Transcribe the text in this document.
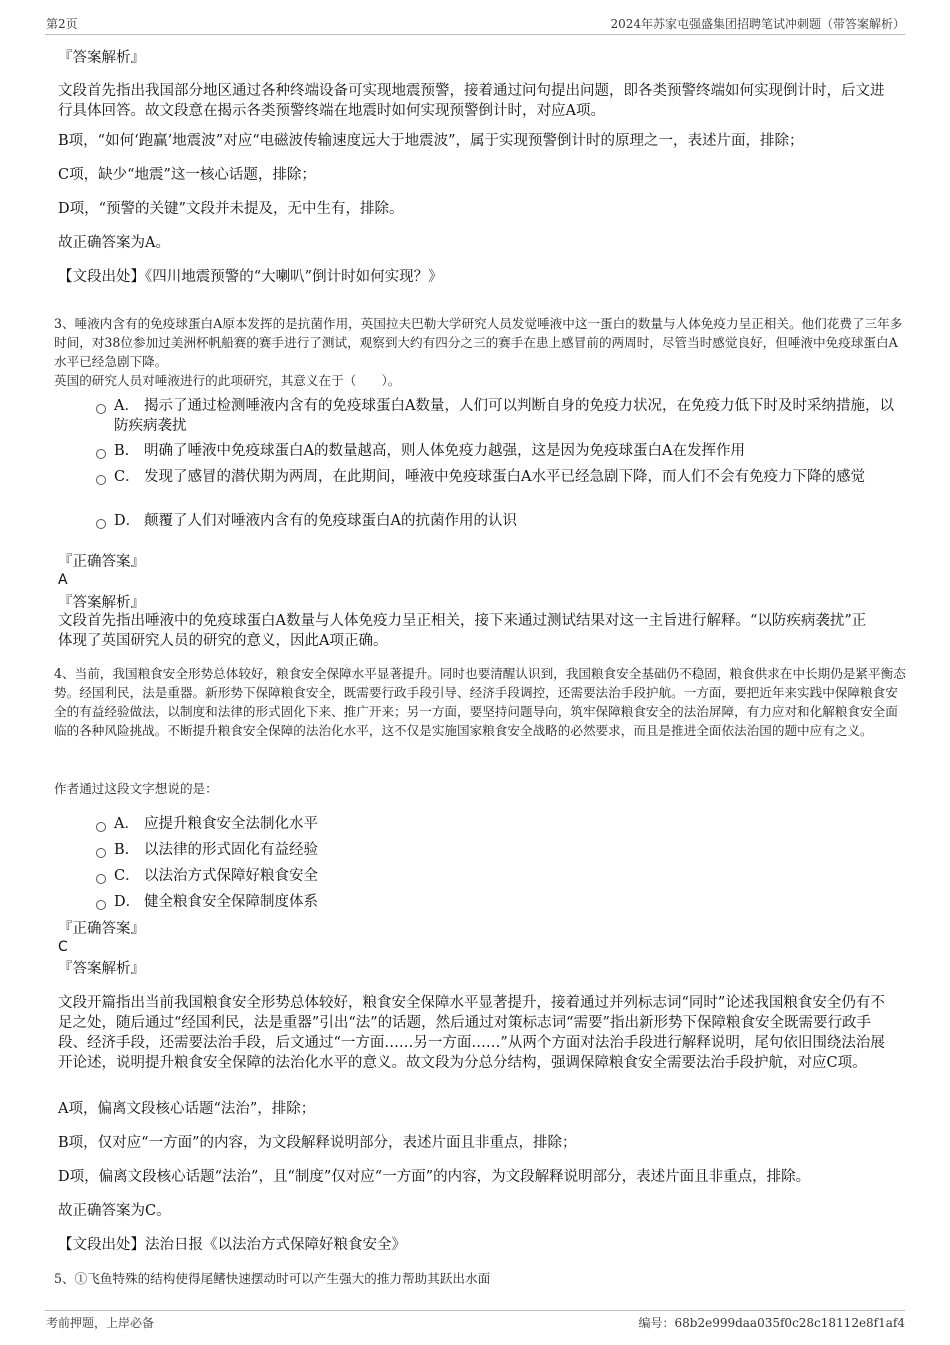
第2页	2024年苏家屯强盛集团招聘笔试冲刺题（带答案解析）
『答案解析』
文段首先指出我国部分地区通过各种终端设备可实现地震预警，接着通过问句提出问题，即各类预警终端如何实现倒计时，后文进行具体回答。故文段意在揭示各类预警终端在地震时如何实现预警倒计时，对应A项。
B项，“如何‘跑赢’地震波”对应“电磁波传输速度远大于地震波”，属于实现预警倒计时的原理之一，表述片面，排除；
C项，缺少“地震”这一核心话题，排除；
D项，“预警的关键”文段并未提及，无中生有，排除。
故正确答案为A。
【文段出处】《四川地震预警的“大喇叭”倒计时如何实现？》
3、唾液内含有的免疫球蛋白A原本发挥的是抗菌作用，英国拉夫巴勒大学研究人员发觉唾液中这一蛋白的数量与人体免疫力呈正相关。他们花费了三年多时间，对38位参加过美洲杯帆船赛的赛手进行了测试，观察到大约有四分之三的赛手在患上感冒前的两周时，尽管当时感觉良好，但唾液中免疫球蛋白A水平已经急剧下降。
英国的研究人员对唾液进行的此项研究，其意义在于（　　）。
A． 揭示了通过检测唾液内含有的免疫球蛋白A数量，人们可以判断自身的免疫力状况，在免疫力低下时及时采纳措施，以防疾病袭扰
B. 明确了唾液中免疫球蛋白A的数量越高，则人体免疫力越强，这是因为免疫球蛋白A在发挥作用
C． 发现了感冒的潜伏期为两周，在此期间，唾液中免疫球蛋白A水平已经急剧下降，而人们不会有免疫力下降的感觉
D． 颠覆了人们对唾液内含有的免疫球蛋白A的抗菌作用的认识
『正确答案』
A
『答案解析』
文段首先指出唾液中的免疫球蛋白A数量与人体免疫力呈正相关，接下来通过测试结果对这一主旨进行解释。“以防疾病袭扰”正体现了英国研究人员的研究的意义，因此A项正确。
4、当前，我国粮食安全形势总体较好，粮食安全保障水平显著提升。同时也要清醒认识到，我国粮食安全基础仍不稳固，粮食供求在中长期仍是紧平衡态势。经国利民，法是重器。新形势下保障粮食安全，既需要行政手段引导、经济手段调控，还需要法治手段护航。一方面，要把近年来实践中保障粮食安全的有益经验做法，以制度和法律的形式固化下来、推广开来；另一方面，要坚持问题导向，筑牢保障粮食安全的法治屏障，有力应对和化解粮食安全面临的各种风险挑战。不断提升粮食安全保障的法治化水平，这不仅是实施国家粮食安全战略的必然要求，而且是推进全面依法治国的题中应有之义。
作者通过这段文字想说的是：
A． 应提升粮食安全法制化水平
B. 以法律的形式固化有益经验
C． 以法治方式保障好粮食安全
D． 健全粮食安全保障制度体系
『正确答案』
C
『答案解析』
文段开篇指出当前我国粮食安全形势总体较好，粮食安全保障水平显著提升，接着通过并列标志词“同时”论述我国粮食安全仍有不足之处，随后通过“经国利民，法是重器”引出“法”的话题，然后通过对策标志词“需要”指出新形势下保障粮食安全既需要行政手段、经济手段，还需要法治手段，后文通过“一方面……另一方面……”从两个方面对法治手段进行解释说明，尾句依旧围绕法治展开论述，说明提升粮食安全保障的法治化水平的意义。故文段为分总分结构，强调保障粮食安全需要法治手段护航，对应C项。
A项，偏离文段核心话题“法治”，排除；
B项，仅对应“一方面”的内容，为文段解释说明部分，表述片面且非重点，排除；
D项，偏离文段核心话题“法治”，且“制度”仅对应“一方面”的内容，为文段解释说明部分，表述片面且非重点，排除。
故正确答案为C。
【文段出处】法治日报《以法治方式保障好粮食安全》
5、①飞鱼特殊的结构使得尾鳍快速摆动时可以产生强大的推力帮助其跃出水面
考前押题，上岸必备	编号：68b2e999daa035f0c28c18112e8f1af4
